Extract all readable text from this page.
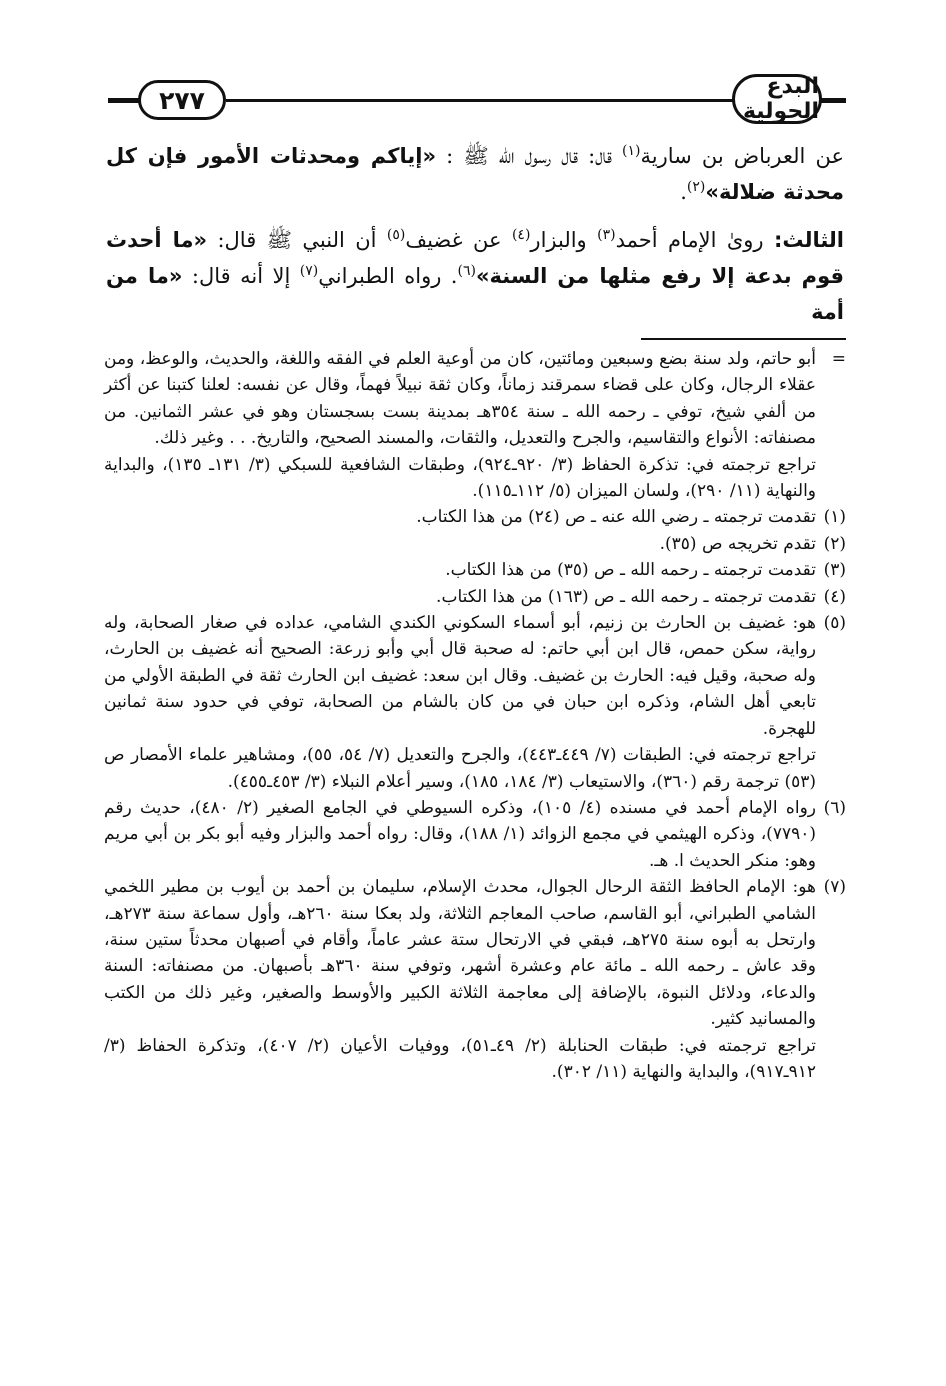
٢٧٧	البدع الحولية

عن العرباض بن سارية$^{(١)}$ قال: قال رسول الله ﷺ : «إياكم ومحدثات الأمور فإن كل محدثة ضلالة»$^{(٢)}$.

الثالث: روىٰ الإمام أحمد$^{(٣)}$ والبزار$^{(٤)}$ عن غضيف$^{(٥)}$ أن النبي ﷺ قال: «ما أحدث قوم بدعة إلا رفع مثلها من السنة»$^{(٦)}$. رواه الطبراني$^{(٧)}$ إلا أنه قال: «ما من أمة

=

أبو حاتم، ولد سنة بضع وسبعين ومائتين، كان من أوعية العلم في الفقه واللغة، والحديث، والوعظ، ومن عقلاء الرجال، وكان على قضاء سمرقند زماناً، وكان ثقة نبيلاً فهماً، وقال عن نفسه: لعلنا كتبنا عن أكثر من ألفي شيخ، توفي ـ رحمه الله ـ سنة ٣٥٤هـ بمدينة بست بسجستان وهو في عشر الثمانين. من مصنفاته: الأنواع والتقاسيم، والجرح والتعديل، والثقات، والمسند الصحيح، والتاريخ. . . وغير ذلك.

تراجع ترجمته في: تذكرة الحفاظ (٣/ ٩٢٠ـ٩٢٤)، وطبقات الشافعية للسبكي (٣/ ١٣١ـ ١٣٥)، والبداية والنهاية (١١/ ٢٩٠)، ولسان الميزان (٥/ ١١٢ـ١١٥).

(١)

تقدمت ترجمته ـ رضي الله عنه ـ ص (٢٤) من هذا الكتاب.

(٢)

تقدم تخريجه ص (٣٥).

(٣)

تقدمت ترجمته ـ رحمه الله ـ ص (٣٥) من هذا الكتاب.

(٤)

تقدمت ترجمته ـ رحمه الله ـ ص (١٦٣) من هذا الكتاب.

(٥)

هو: غضيف بن الحارث بن زنيم، أبو أسماء السكوني الكندي الشامي، عداده في صغار الصحابة، وله رواية، سكن حمص، قال ابن أبي حاتم: له صحبة قال أبي وأبو زرعة: الصحيح أنه غضيف بن الحارث، وله صحبة، وقيل فيه: الحارث بن غضيف. وقال ابن سعد: غضيف ابن الحارث ثقة في الطبقة الأولي من تابعي أهل الشام، وذكره ابن حبان في من كان بالشام من الصحابة، توفي في حدود سنة ثمانين للهجرة.

تراجع ترجمته في: الطبقات (٧/ ٤٤٩ـ٤٤٣)، والجرح والتعديل (٧/ ٥٤، ٥٥)، ومشاهير علماء الأمصار ص (٥٣) ترجمة رقم (٣٦٠)، والاستيعاب (٣/ ١٨٤، ١٨٥)، وسير أعلام النبلاء (٣/ ٤٥٣ـ٤٥٥).

(٦)

رواه الإمام أحمد في مسنده (٤/ ١٠٥)، وذكره السيوطي في الجامع الصغير (٢/ ٤٨٠)، حديث رقم (٧٧٩٠)، وذكره الهيثمي في مجمع الزوائد (١/ ١٨٨)، وقال: رواه أحمد والبزار وفيه أبو بكر بن أبي مريم وهو: منكر الحديث ا. هـ.

(٧)

هو: الإمام الحافظ الثقة الرحال الجوال، محدث الإسلام، سليمان بن أحمد بن أيوب بن مطير اللخمي الشامي الطبراني، أبو القاسم، صاحب المعاجم الثلاثة، ولد بعكا سنة ٢٦٠هـ، وأول سماعة سنة ٢٧٣هـ، وارتحل به أبوه سنة ٢٧٥هـ، فبقي في الارتحال ستة عشر عاماً، وأقام في أصبهان محدثاً ستين سنة، وقد عاش ـ رحمه الله ـ مائة عام وعشرة أشهر، وتوفي سنة ٣٦٠هـ بأصبهان. من مصنفاته: السنة والدعاء، ودلائل النبوة، بالإضافة إلى معاجمة الثلاثة الكبير والأوسط والصغير، وغير ذلك من الكتب والمسانيد كثير.

تراجع ترجمته في: طبقات الحنابلة (٢/ ٤٩ـ٥١)، ووفيات الأعيان (٢/ ٤٠٧)، وتذكرة الحفاظ (٣/ ٩١٢ـ٩١٧)، والبداية والنهاية (١١/ ٣٠٢).
